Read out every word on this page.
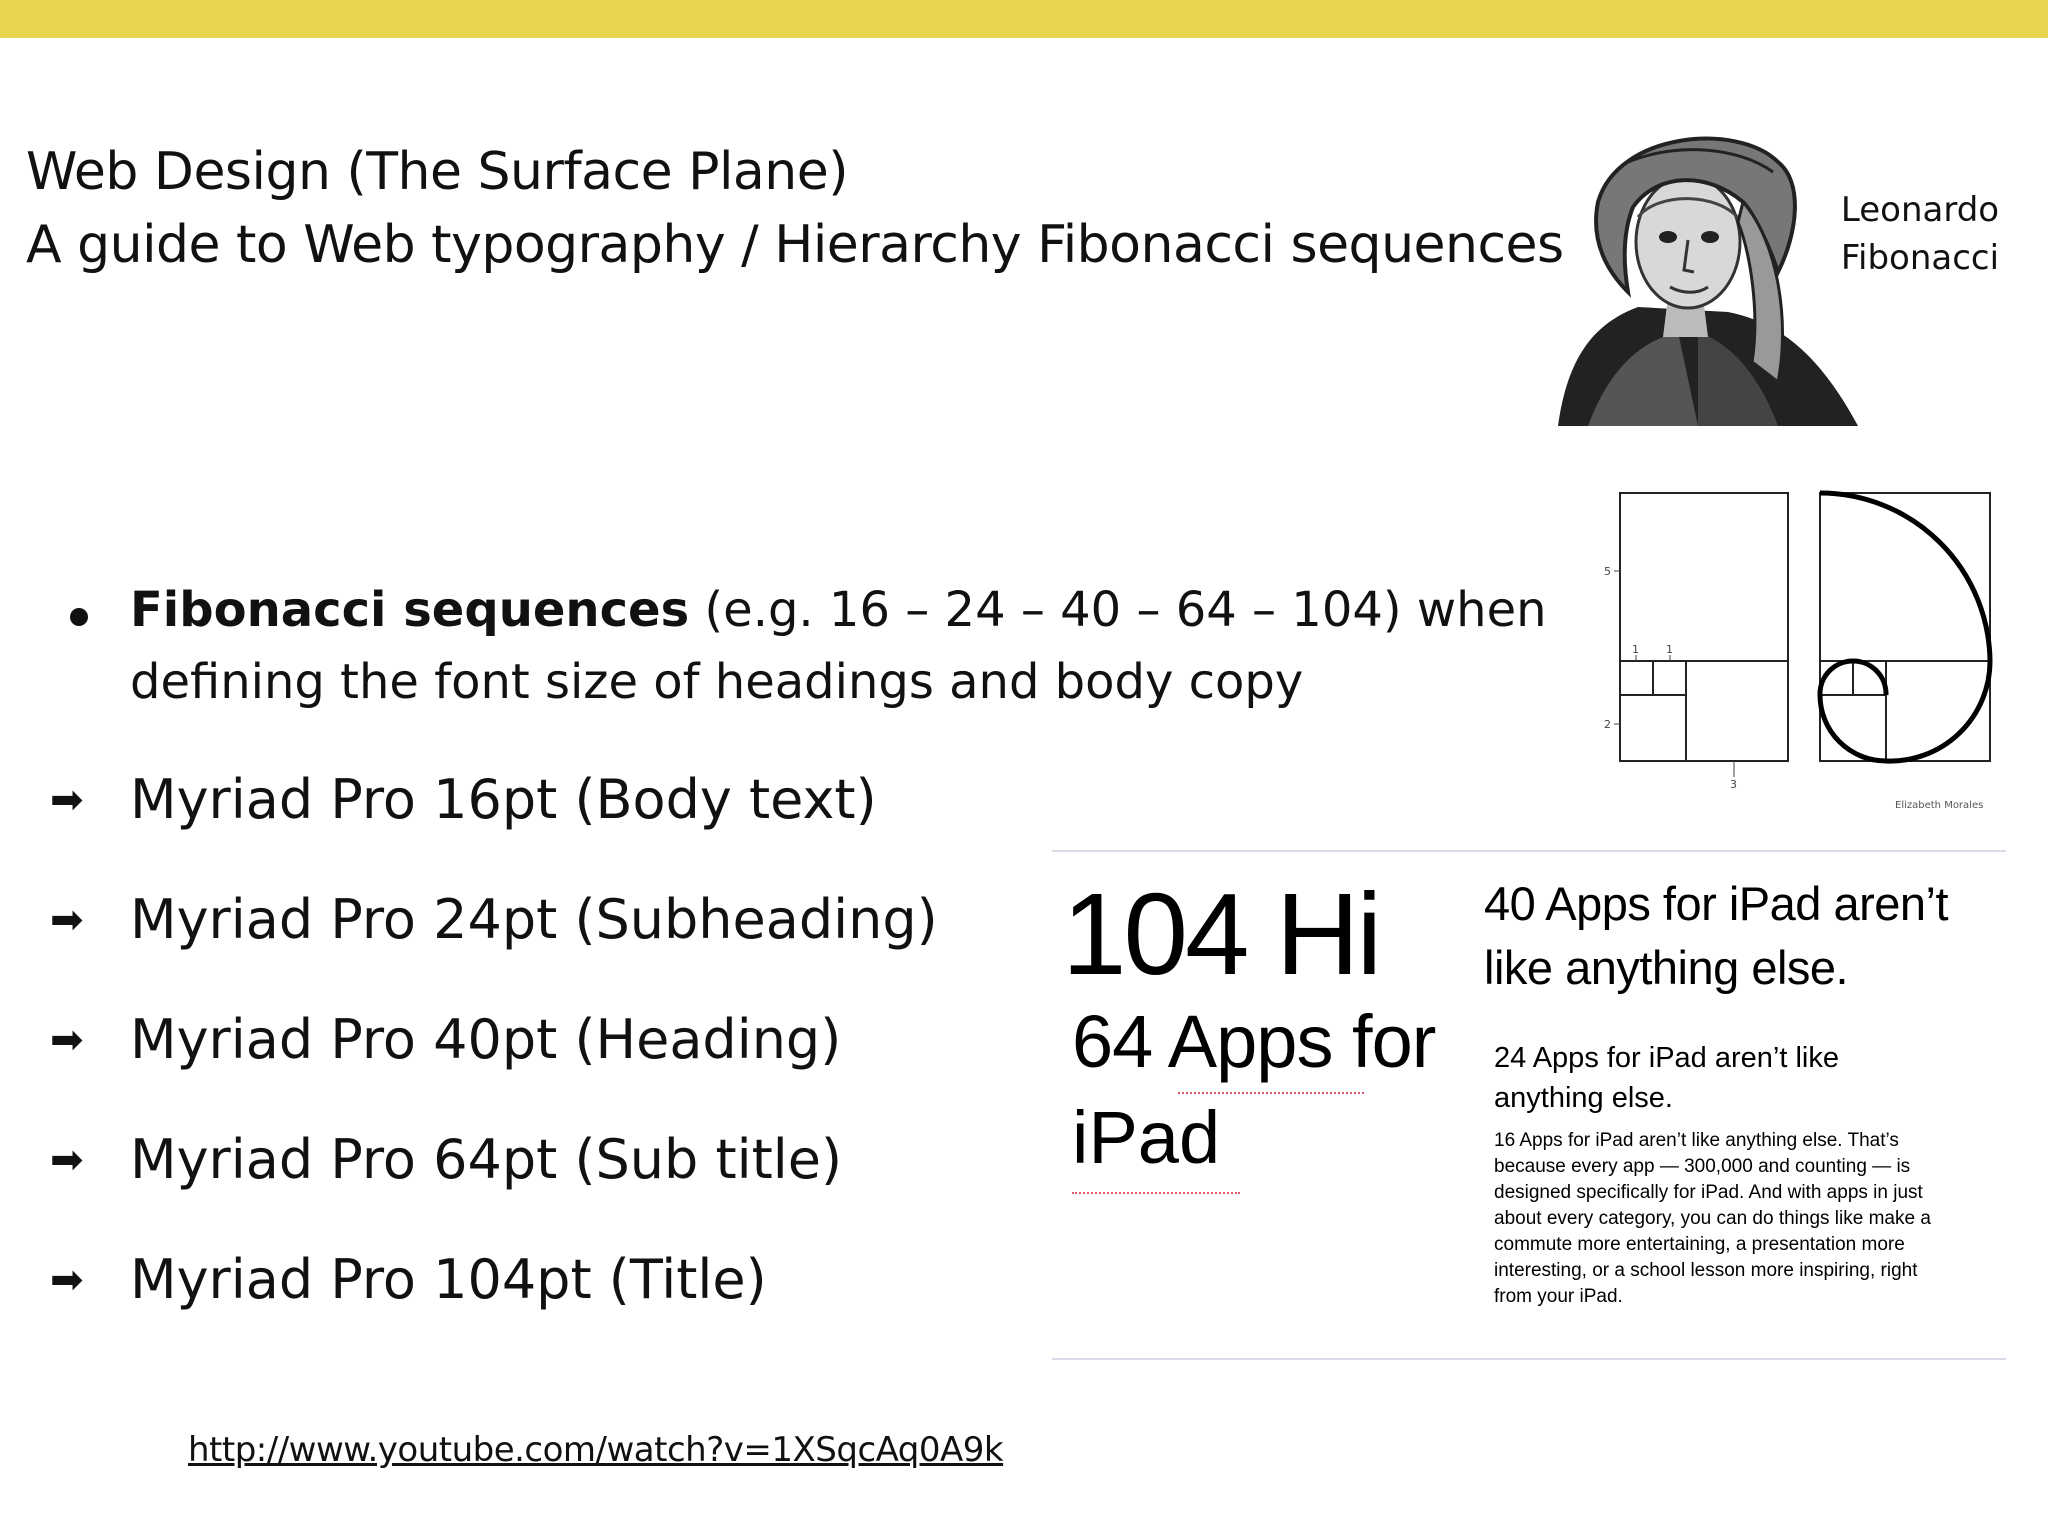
Web Design (The Surface Plane)
A guide to Web typography / Hierarchy Fibonacci sequences
Leonardo
Fibonacci
5
1 1
2
3
Elizabeth Morales
Fibonacci sequences (e.g. 16 – 24 – 40 – 64 – 104) when defining the font size of headings and body copy
➡ Myriad Pro 16pt (Body text)
➡ Myriad Pro 24pt (Subheading)
➡ Myriad Pro 40pt (Heading)
➡ Myriad Pro 64pt (Sub title)
➡ Myriad Pro 104pt (Title)
104 Hi
64 Apps for
iPad
40 Apps for iPad aren’t like anything else.
24 Apps for iPad aren’t like anything else.
16 Apps for iPad aren’t like anything else. That’s because every app — 300,000 and counting — is designed specifically for iPad. And with apps in just about every category, you can do things like make a commute more entertaining, a presentation more interesting, or a school lesson more inspiring, right from your iPad.
http://www.youtube.com/watch?v=1XSqcAq0A9k
